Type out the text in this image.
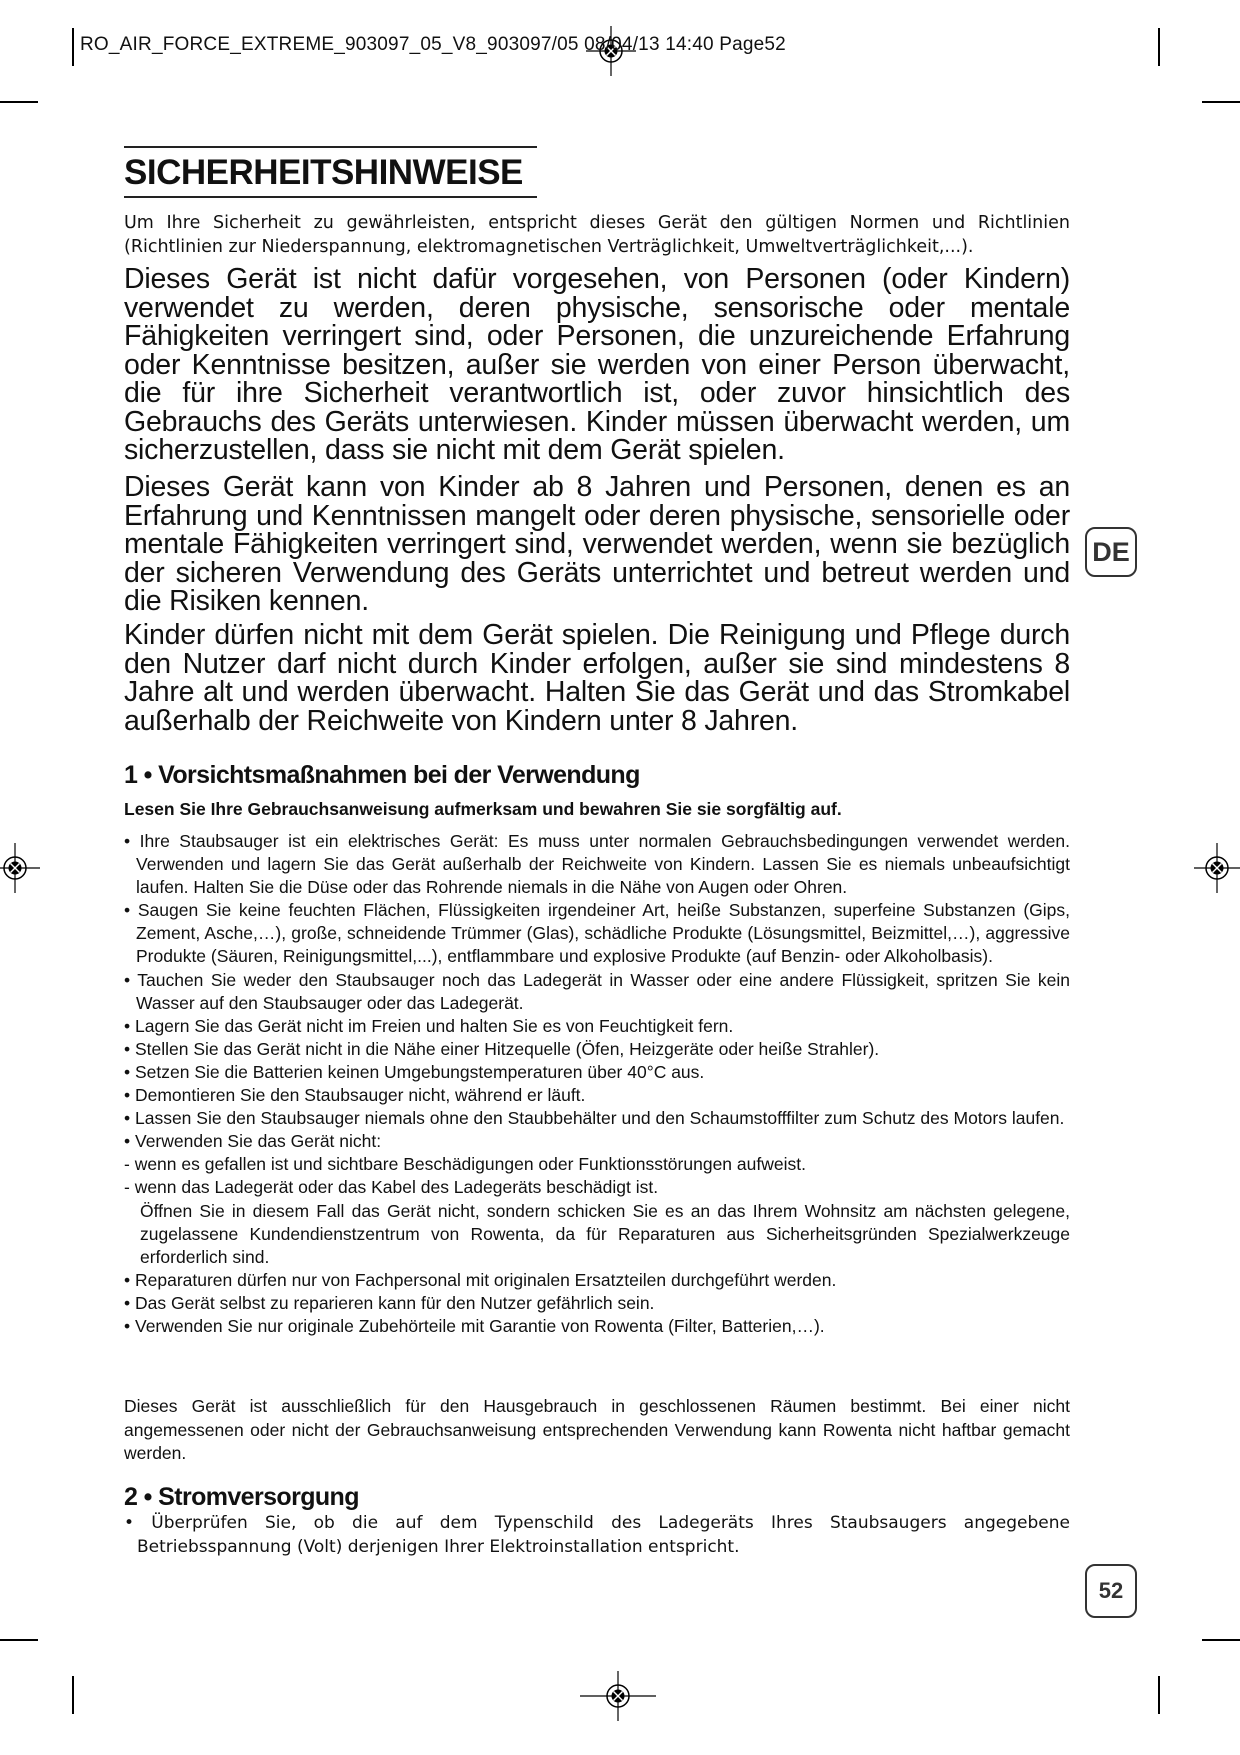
RO_AIR_FORCE_EXTREME_903097_05_V8_903097/05 08/04/13 14:40 Page52
SICHERHEITSHINWEISE
Um Ihre Sicherheit zu gewährleisten, entspricht dieses Gerät den gültigen Normen und Richtlinien (Richtlinien zur Niederspannung, elektromagnetischen Verträglichkeit, Umweltverträglichkeit,...).
Dieses Gerät ist nicht dafür vorgesehen, von Personen (oder Kindern) verwendet zu werden, deren physische, sensorische oder mentale Fähigkeiten verringert sind, oder Personen, die unzureichende Erfahrung oder Kenntnisse besitzen, außer sie werden von einer Person überwacht, die für ihre Sicherheit verantwortlich ist, oder zuvor hinsichtlich des Gebrauchs des Geräts unterwiesen. Kinder müssen überwacht werden, um sicherzustellen, dass sie nicht mit dem Gerät spielen.
Dieses Gerät kann von Kinder ab 8 Jahren und Personen, denen es an Erfahrung und Kenntnissen mangelt oder deren physische, sensorielle oder mentale Fähigkeiten verringert sind, verwendet werden, wenn sie bezüglich der sicheren Verwendung des Geräts unterrichtet und betreut werden und die Risiken kennen.
Kinder dürfen nicht mit dem Gerät spielen. Die Reinigung und Pflege durch den Nutzer darf nicht durch Kinder erfolgen, außer sie sind mindestens 8 Jahre alt und werden überwacht. Halten Sie das Gerät und das Stromkabel außerhalb der Reichweite von Kindern unter 8 Jahren.
1 • Vorsichtsmaßnahmen bei der Verwendung
Lesen Sie Ihre Gebrauchsanweisung aufmerksam und bewahren Sie sie sorgfältig auf.
• Ihre Staubsauger ist ein elektrisches Gerät: Es muss unter normalen Gebrauchsbedingungen verwendet werden. Verwenden und lagern Sie das Gerät außerhalb der Reichweite von Kindern. Lassen Sie es niemals unbeaufsichtigt laufen. Halten Sie die Düse oder das Rohrende niemals in die Nähe von Augen oder Ohren.
• Saugen Sie keine feuchten Flächen, Flüssigkeiten irgendeiner Art, heiße Substanzen, superfeine Substanzen (Gips, Zement, Asche,…), große, schneidende Trümmer (Glas), schädliche Produkte (Lösungsmittel, Beizmittel,…), aggressive Produkte (Säuren, Reinigungsmittel,...), entflammbare und explosive Produkte (auf Benzin- oder Alkoholbasis).
• Tauchen Sie weder den Staubsauger noch das Ladegerät in Wasser oder eine andere Flüssigkeit, spritzen Sie kein Wasser auf den Staubsauger oder das Ladegerät.
• Lagern Sie das Gerät nicht im Freien und halten Sie es von Feuchtigkeit fern.
• Stellen Sie das Gerät nicht in die Nähe einer Hitzequelle (Öfen, Heizgeräte oder heiße Strahler).
• Setzen Sie die Batterien keinen Umgebungstemperaturen über 40°C aus.
• Demontieren Sie den Staubsauger nicht, während er läuft.
• Lassen Sie den Staubsauger niemals ohne den Staubbehälter und den Schaumstofffilter zum Schutz des Motors laufen.
• Verwenden Sie das Gerät nicht:
- wenn es gefallen ist und sichtbare Beschädigungen oder Funktionsstörungen aufweist.
- wenn das Ladegerät oder das Kabel des Ladegeräts beschädigt ist.
Öffnen Sie in diesem Fall das Gerät nicht, sondern schicken Sie es an das Ihrem Wohnsitz am nächsten gelegene, zugelassene Kundendienstzentrum von Rowenta, da für Reparaturen aus Sicherheitsgründen Spezialwerkzeuge erforderlich sind.
• Reparaturen dürfen nur von Fachpersonal mit originalen Ersatzteilen durchgeführt werden.
• Das Gerät selbst zu reparieren kann für den Nutzer gefährlich sein.
• Verwenden Sie nur originale Zubehörteile mit Garantie von Rowenta (Filter, Batterien,…).
Dieses Gerät ist ausschließlich für den Hausgebrauch in geschlossenen Räumen bestimmt. Bei einer nicht angemessenen oder nicht der Gebrauchsanweisung entsprechenden Verwendung kann Rowenta nicht haftbar gemacht werden.
2 • Stromversorgung
• Überprüfen Sie, ob die auf dem Typenschild des Ladegeräts Ihres Staubsaugers angegebene Betriebsspannung (Volt) derjenigen Ihrer Elektroinstallation entspricht.
DE
52
